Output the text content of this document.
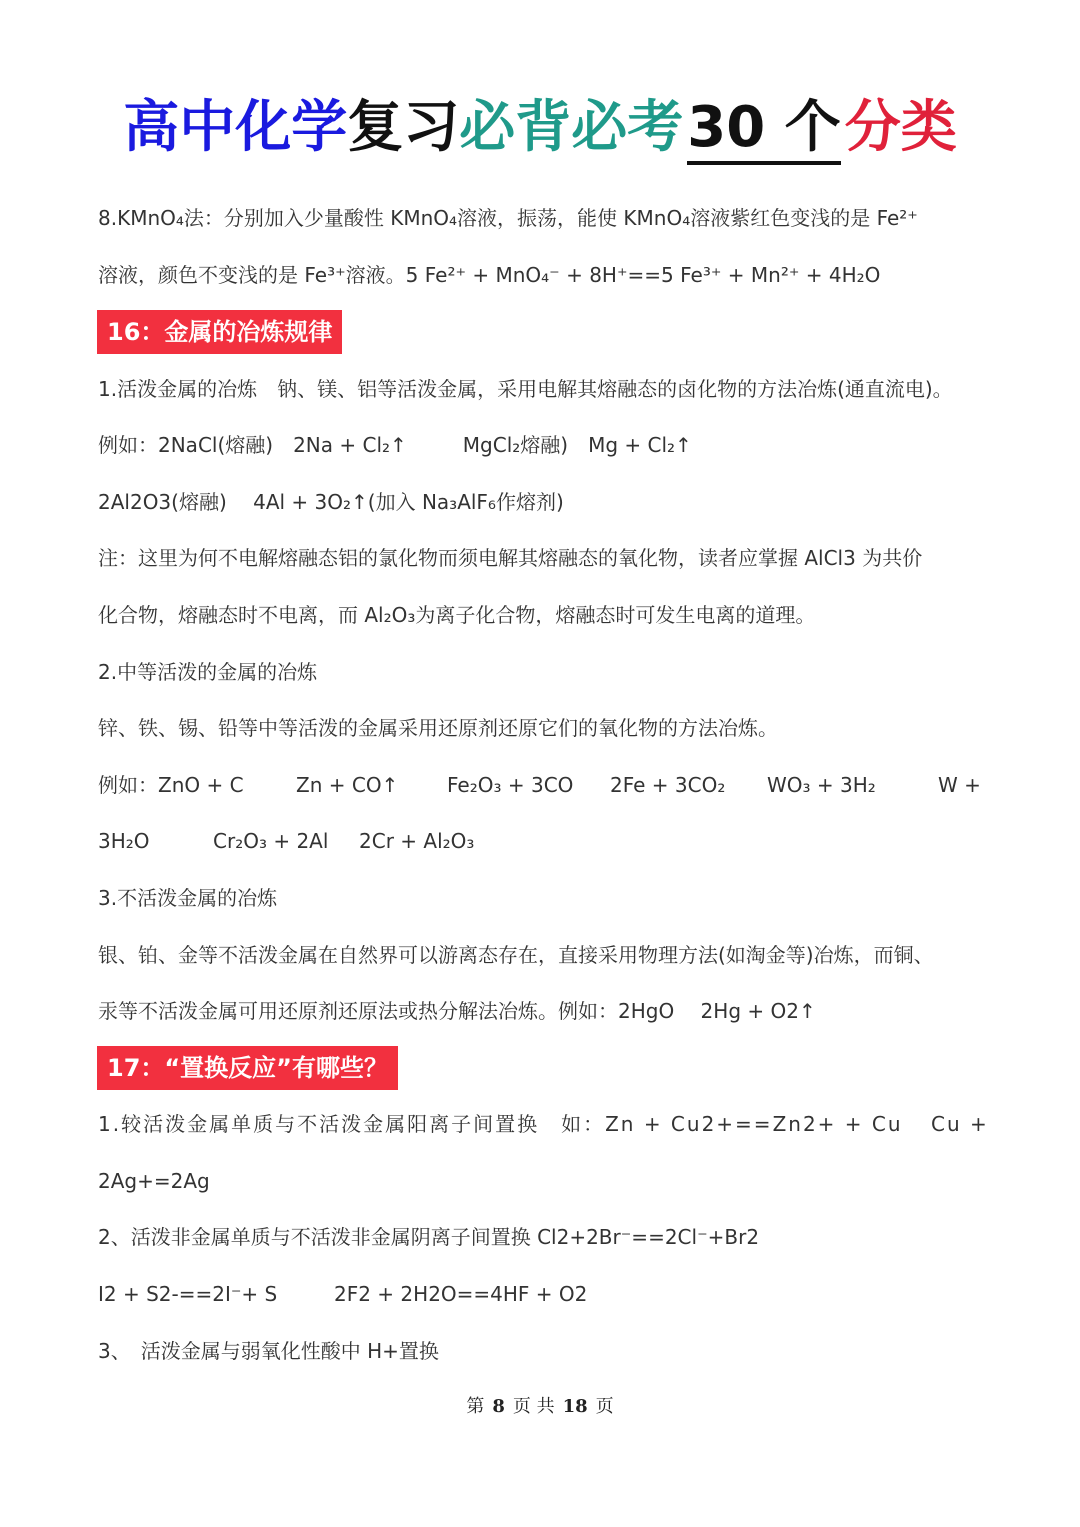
高中化学复习必背必考30 个分类
8.KMnO₄法：分别加入少量酸性 KMnO₄溶液，振荡，能使 KMnO₄溶液紫红色变浅的是 Fe²⁺
溶液，颜色不变浅的是 Fe³⁺溶液。5 Fe²⁺ + MnO₄⁻ + 8H⁺==5 Fe³⁺ + Mn²⁺ + 4H₂O
16：金属的冶炼规律
1.活泼金属的冶炼　钠、镁、铝等活泼金属，采用电解其熔融态的卤化物的方法冶炼(通直流电)。
例如：2NaCl(熔融)　2Na + Cl₂↑	MgCl₂熔融)　Mg + Cl₂↑
2Al2O3(熔融)　 4Al + 3O₂↑(加入 Na₃AlF₆作熔剂)
注：这里为何不电解熔融态铝的氯化物而须电解其熔融态的氧化物，读者应掌握 AlCl3 为共价
化合物，熔融态时不电离，而 Al₂O₃为离子化合物，熔融态时可发生电离的道理。
2.中等活泼的金属的冶炼
锌、铁、锡、铅等中等活泼的金属采用还原剂还原它们的氧化物的方法冶炼。
例如：ZnO + C	Zn + CO↑ Fe₂O₃ + 3CO 2Fe + 3CO₂ WO₃ + 3H₂	W +
3H₂O	Cr₂O₃ + 2Al 2Cr + Al₂O₃
3.不活泼金属的冶炼
银、铂、金等不活泼金属在自然界可以游离态存在，直接采用物理方法(如淘金等)冶炼，而铜、
汞等不活泼金属可用还原剂还原法或热分解法冶炼。例如：2HgO　 2Hg + O2↑
17：“置换反应”有哪些？
1.较活泼金属单质与不活泼金属阳离子间置换　如：Zn + Cu2+==Zn2+ + Cu Cu +
2Ag+=2Ag
2、活泼非金属单质与不活泼非金属阴离子间置换 Cl2+2Br⁻==2Cl⁻+Br2
I2 + S2-==2I⁻+ S	2F2 + 2H2O==4HF + O2
3、　活泼金属与弱氧化性酸中 H+置换
第 8 页 共 18 页
